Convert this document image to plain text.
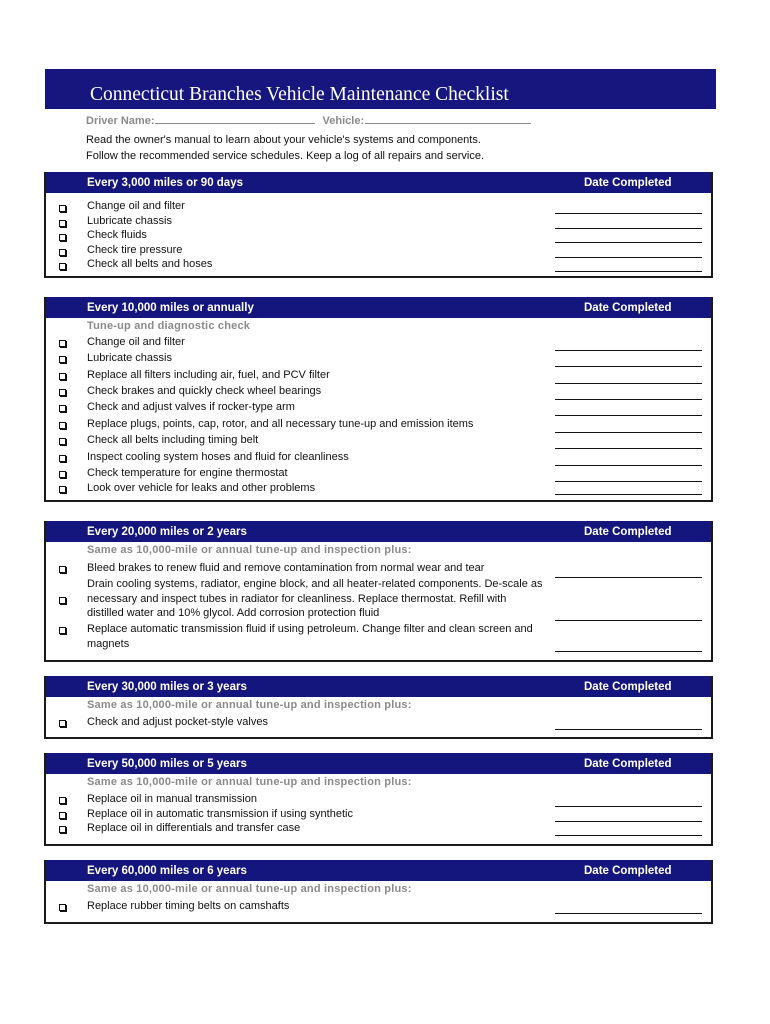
Connecticut Branches Vehicle Maintenance Checklist
Driver Name:	Vehicle:
Read the owner's manual to learn about your vehicle's systems and components.
Follow the recommended service schedules. Keep a log of all repairs and service.
Every 3,000 miles or 90 days	Date Completed
Change oil and filter
Lubricate chassis
Check fluids
Check tire pressure
Check all belts and hoses
Every 10,000 miles or annually	Date Completed
Tune-up and diagnostic check
Change oil and filter
Lubricate chassis
Replace all filters including air, fuel, and PCV filter
Check brakes and quickly check wheel bearings
Check and adjust valves if rocker-type arm
Replace plugs, points, cap, rotor, and all necessary tune-up and emission items
Check all belts including timing belt
Inspect cooling system hoses and fluid for cleanliness
Check temperature for engine thermostat
Look over vehicle for leaks and other problems
Every 20,000 miles or 2 years	Date Completed
Same as 10,000-mile or annual tune-up and inspection plus:
Bleed brakes to renew fluid and remove contamination from normal wear and tear
Drain cooling systems, radiator, engine block, and all heater-related components. De-scale as
necessary and inspect tubes in radiator for cleanliness. Replace thermostat. Refill with
distilled water and 10% glycol. Add corrosion protection fluid
Replace automatic transmission fluid if using petroleum. Change filter and clean screen and
magnets
Every 30,000 miles or 3 years	Date Completed
Same as 10,000-mile or annual tune-up and inspection plus:
Check and adjust pocket-style valves
Every 50,000 miles or 5 years	Date Completed
Same as 10,000-mile or annual tune-up and inspection plus:
Replace oil in manual transmission
Replace oil in automatic transmission if using synthetic
Replace oil in differentials and transfer case
Every 60,000 miles or 6 years	Date Completed
Same as 10,000-mile or annual tune-up and inspection plus:
Replace rubber timing belts on camshafts
